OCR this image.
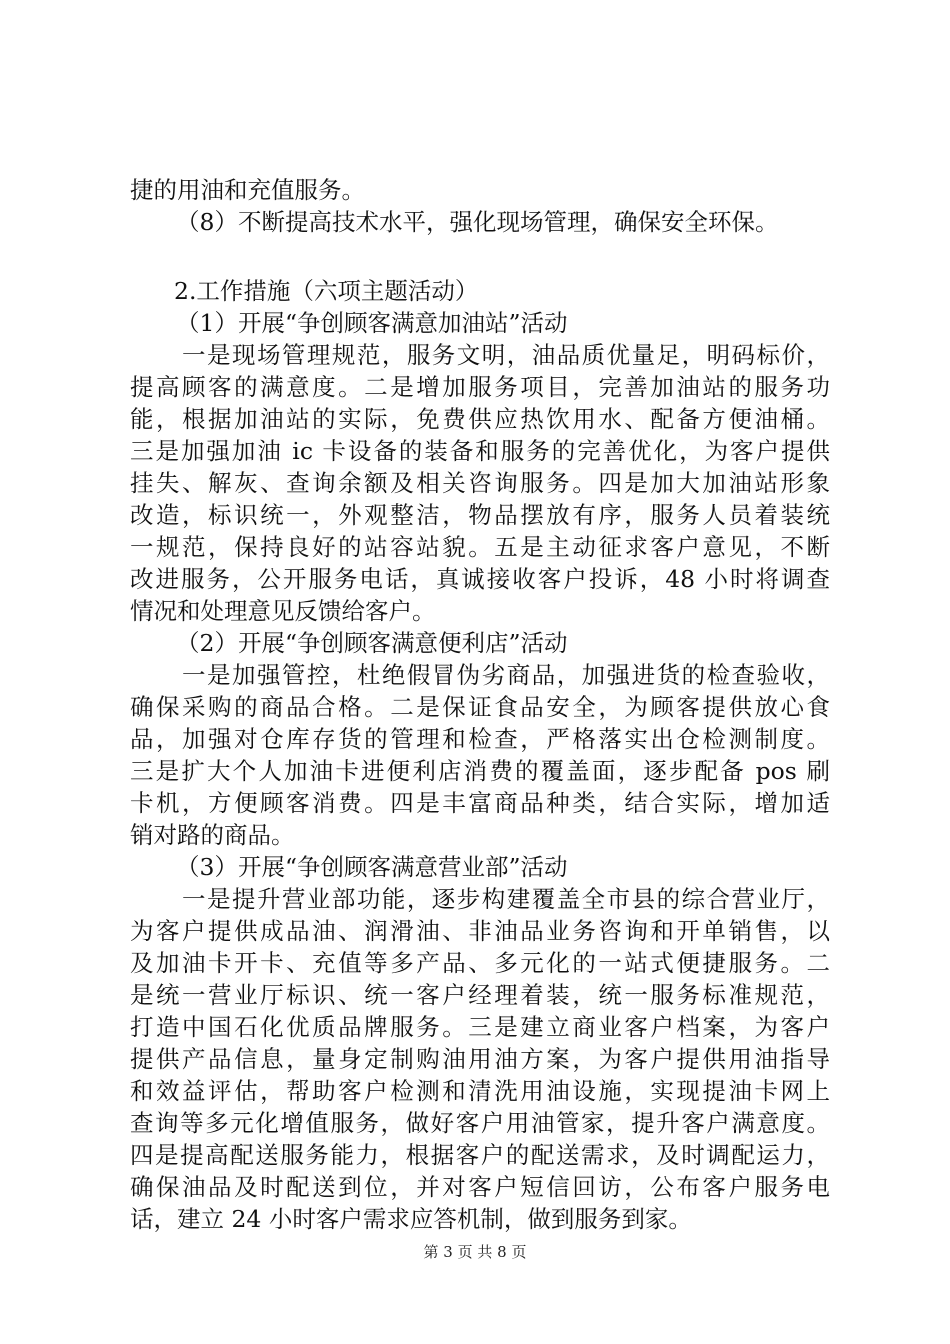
捷的用油和充值服务。
（8）不断提高技术水平，强化现场管理，确保安全环保。
2.工作措施（六项主题活动）
（1）开展“争创顾客满意加油站”活动
一是现场管理规范，服务文明，油品质优量足，明码标价，
提高顾客的满意度。二是增加服务项目，完善加油站的服务功
能，根据加油站的实际，免费供应热饮用水、配备方便油桶。
三是加强加油 ic 卡设备的装备和服务的完善优化，为客户提供
挂失、解灰、查询余额及相关咨询服务。四是加大加油站形象
改造，标识统一，外观整洁，物品摆放有序，服务人员着装统
一规范，保持良好的站容站貌。五是主动征求客户意见，不断
改进服务，公开服务电话，真诚接收客户投诉，48 小时将调查
情况和处理意见反馈给客户。
（2）开展“争创顾客满意便利店”活动
一是加强管控，杜绝假冒伪劣商品，加强进货的检查验收，
确保采购的商品合格。二是保证食品安全，为顾客提供放心食
品，加强对仓库存货的管理和检查，严格落实出仓检测制度。
三是扩大个人加油卡进便利店消费的覆盖面，逐步配备 pos 刷
卡机，方便顾客消费。四是丰富商品种类，结合实际，增加适
销对路的商品。
（3）开展“争创顾客满意营业部”活动
一是提升营业部功能，逐步构建覆盖全市县的综合营业厅，
为客户提供成品油、润滑油、非油品业务咨询和开单销售，以
及加油卡开卡、充值等多产品、多元化的一站式便捷服务。二
是统一营业厅标识、统一客户经理着装，统一服务标准规范，
打造中国石化优质品牌服务。三是建立商业客户档案，为客户
提供产品信息，量身定制购油用油方案，为客户提供用油指导
和效益评估，帮助客户检测和清洗用油设施，实现提油卡网上
查询等多元化增值服务，做好客户用油管家，提升客户满意度。
四是提高配送服务能力，根据客户的配送需求，及时调配运力，
确保油品及时配送到位，并对客户短信回访，公布客户服务电
话，建立 24 小时客户需求应答机制，做到服务到家。
第 3 页 共 8 页
